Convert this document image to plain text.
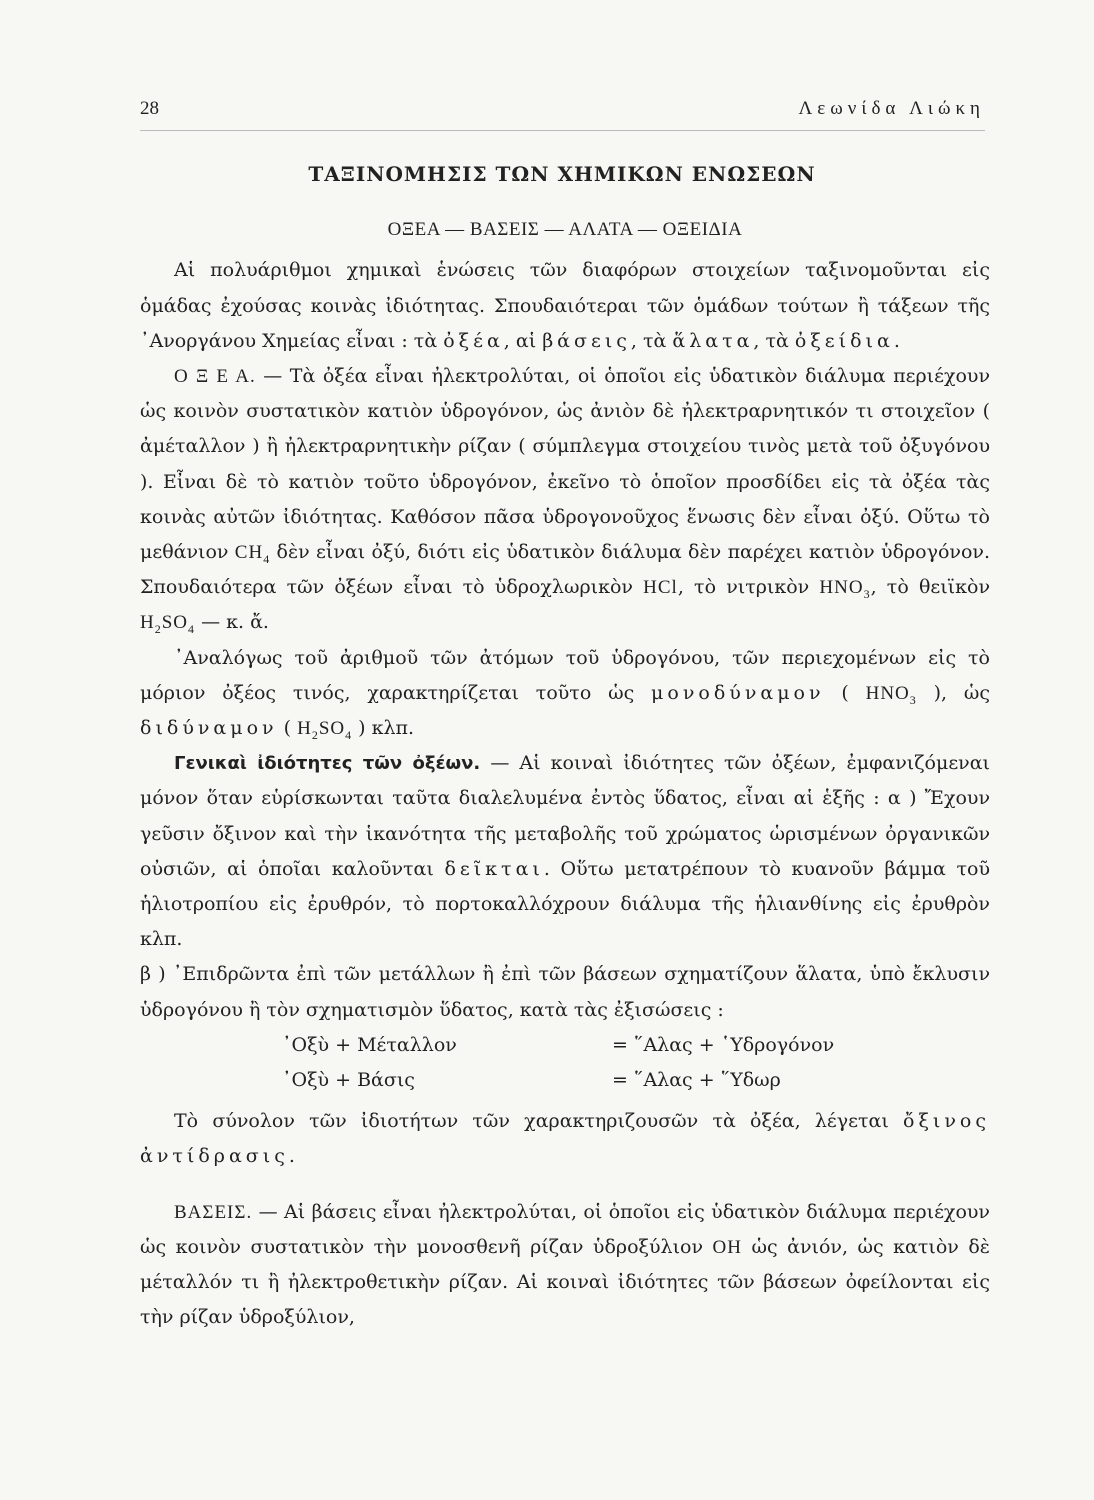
28	Λεωνίδα Λιώκη
ΤΑΞΙΝΟΜΗΣΙΣ ΤΩΝ ΧΗΜΙΚΩΝ ΕΝΩΣΕΩΝ
ΟΞΕΑ — ΒΑΣΕΙΣ — ΑΛΑΤΑ — ΟΞΕΙΔΙΑ

Αἱ πολυάριθμοι χημικαὶ ἑνώσεις τῶν διαφόρων στοιχείων ταξινομοῦνται εἰς ὁμάδας ἐχούσας κοινὰς ἰδιότητας. Σπουδαιότεραι τῶν ὁμάδων τούτων ἢ τάξεων τῆς ᾿Ανοργάνου Χημείας εἶναι : τὰ ὀξέα, αἱ βάσεις, τὰ ἅλατα, τὰ ὀξείδια.

Ο Ξ Ε Α. — Τὰ ὀξέα εἶναι ἠλεκτρολύται, οἱ ὁποῖοι εἰς ὑδατικὸν διάλυμα περιέχουν ὡς κοινὸν συστατικὸν κατιὸν ὑδρογόνον, ὡς ἀνιὸν δὲ ἠλεκτραρνητικόν τι στοιχεῖον ( ἀμέταλλον ) ἢ ἠλεκτραρνητικὴν ρίζαν ( σύμπλεγμα στοιχείου τινὸς μετὰ τοῦ ὀξυγόνου ). Εἶναι δὲ τὸ κατιὸν τοῦτο ὑδρογόνον, ἐκεῖνο τὸ ὁποῖον προσδίδει εἰς τὰ ὀξέα τὰς κοινὰς αὐτῶν ἰδιότητας. Καθόσον πᾶσα ὑδρογονοῦχος ἕνωσις δὲν εἶναι ὀξύ. Οὕτω τὸ μεθάνιον $CH_4$ δὲν εἶναι ὀξύ, διότι εἰς ὑδατικὸν διάλυμα δὲν παρέχει κατιὸν ὑδρογόνον. Σπουδαιότερα τῶν ὀξέων εἶναι τὸ ὑδροχλωρικὸν HCl, τὸ νιτρικὸν $HNO_3$, τὸ θειϊκὸν $H_2SO_4$ — κ. ἄ.

᾿Αναλόγως τοῦ ἀριθμοῦ τῶν ἀτόμων τοῦ ὑδρογόνου, τῶν περιεχομένων εἰς τὸ μόριον ὀξέος τινός, χαρακτηρίζεται τοῦτο ὡς μονοδύναμον ( $HNO_3$ ), ὡς διδύναμον ( $H_2SO_4$ ) κλπ.

Γενικαὶ ἰδιότητες τῶν ὀξέων. — Αἱ κοιναὶ ἰδιότητες τῶν ὀξέων, ἐμφανιζόμεναι μόνον ὅταν εὑρίσκωνται ταῦτα διαλελυμένα ἐντὸς ὕδατος, εἶναι αἱ ἑξῆς : α ) Ἔχουν γεῦσιν ὄξινον καὶ τὴν ἱκανότητα τῆς μεταβολῆς τοῦ χρώματος ὡρισμένων ὀργανικῶν οὐσιῶν, αἱ ὁποῖαι καλοῦνται δεῖκται. Οὕτω μετατρέπουν τὸ κυανοῦν βάμμα τοῦ ἡλιοτροπίου εἰς ἐρυθρόν, τὸ πορτοκαλλόχρουν διάλυμα τῆς ἡλιανθίνης εἰς ἐρυθρὸν κλπ.

β ) ᾿Επιδρῶντα ἐπὶ τῶν μετάλλων ἢ ἐπὶ τῶν βάσεων σχηματίζουν ἅλατα, ὑπὸ ἔκλυσιν ὑδρογόνου ἢ τὸν σχηματισμὸν ὕδατος, κατὰ τὰς ἐξισώσεις :

᾿Οξὺ + Μέταλλον	= ῞Αλας + ῾Υδρογόνον
᾿Οξὺ + Βάσις	= ῞Αλας + ῞Υδωρ

Τὸ σύνολον τῶν ἰδιοτήτων τῶν χαρακτηριζουσῶν τὰ ὀξέα, λέγεται ὄξινος ἀντίδρασις.

ΒΑΣΕΙΣ. — Αἱ βάσεις εἶναι ἠλεκτρολύται, οἱ ὁποῖοι εἰς ὑδατικὸν διάλυμα περιέχουν ὡς κοινὸν συστατικὸν τὴν μονοσθενῆ ρίζαν ὑδροξύλιον ΟΗ ὡς ἀνιόν, ὡς κατιὸν δὲ μέταλλόν τι ἢ ἠλεκτροθετικὴν ρίζαν. Αἱ κοιναὶ ἰδιότητες τῶν βάσεων ὀφείλονται εἰς τὴν ρίζαν ὑδροξύλιον,
